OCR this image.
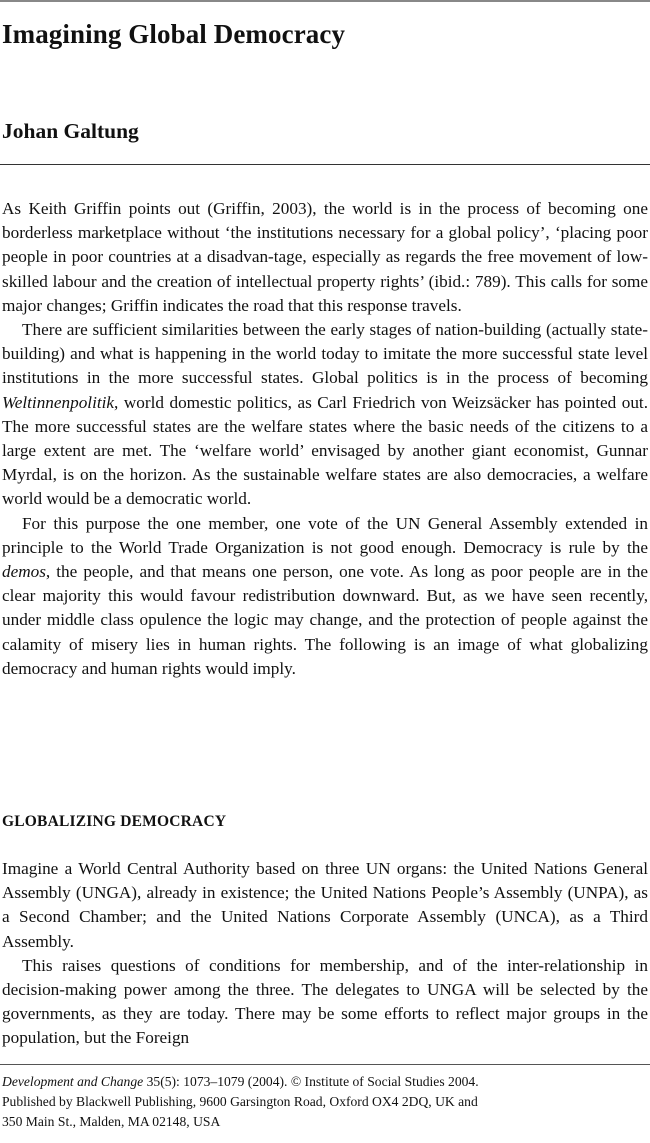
Imagining Global Democracy
Johan Galtung

As Keith Griffin points out (Griffin, 2003), the world is in the process of becoming one borderless marketplace without ‘the institutions necessary for a global policy’, ‘placing poor people in poor countries at a disadvan-tage, especially as regards the free movement of low-skilled labour and the creation of intellectual property rights’ (ibid.: 789). This calls for some major changes; Griffin indicates the road that this response travels.

There are sufficient similarities between the early stages of nation-building (actually state-building) and what is happening in the world today to imitate the more successful state level institutions in the more successful states. Global politics is in the process of becoming Weltinnenpolitik, world domestic politics, as Carl Friedrich von Weizsäcker has pointed out. The more successful states are the welfare states where the basic needs of the citizens to a large extent are met. The ‘welfare world’ envisaged by another giant economist, Gunnar Myrdal, is on the horizon. As the sustainable welfare states are also democracies, a welfare world would be a democratic world.

For this purpose the one member, one vote of the UN General Assembly extended in principle to the World Trade Organization is not good enough. Democracy is rule by the demos, the people, and that means one person, one vote. As long as poor people are in the clear majority this would favour redistribution downward. But, as we have seen recently, under middle class opulence the logic may change, and the protection of people against the calamity of misery lies in human rights. The following is an image of what globalizing democracy and human rights would imply.

GLOBALIZING DEMOCRACY

Imagine a World Central Authority based on three UN organs: the United Nations General Assembly (UNGA), already in existence; the United Nations People’s Assembly (UNPA), as a Second Chamber; and the United Nations Corporate Assembly (UNCA), as a Third Assembly.

This raises questions of conditions for membership, and of the inter-relationship in decision-making power among the three. The delegates to UNGA will be selected by the governments, as they are today. There may be some efforts to reflect major groups in the population, but the Foreign

Development and Change 35(5): 1073–1079 (2004). © Institute of Social Studies 2004.

Published by Blackwell Publishing, 9600 Garsington Road, Oxford OX4 2DQ, UK and

350 Main St., Malden, MA 02148, USA
